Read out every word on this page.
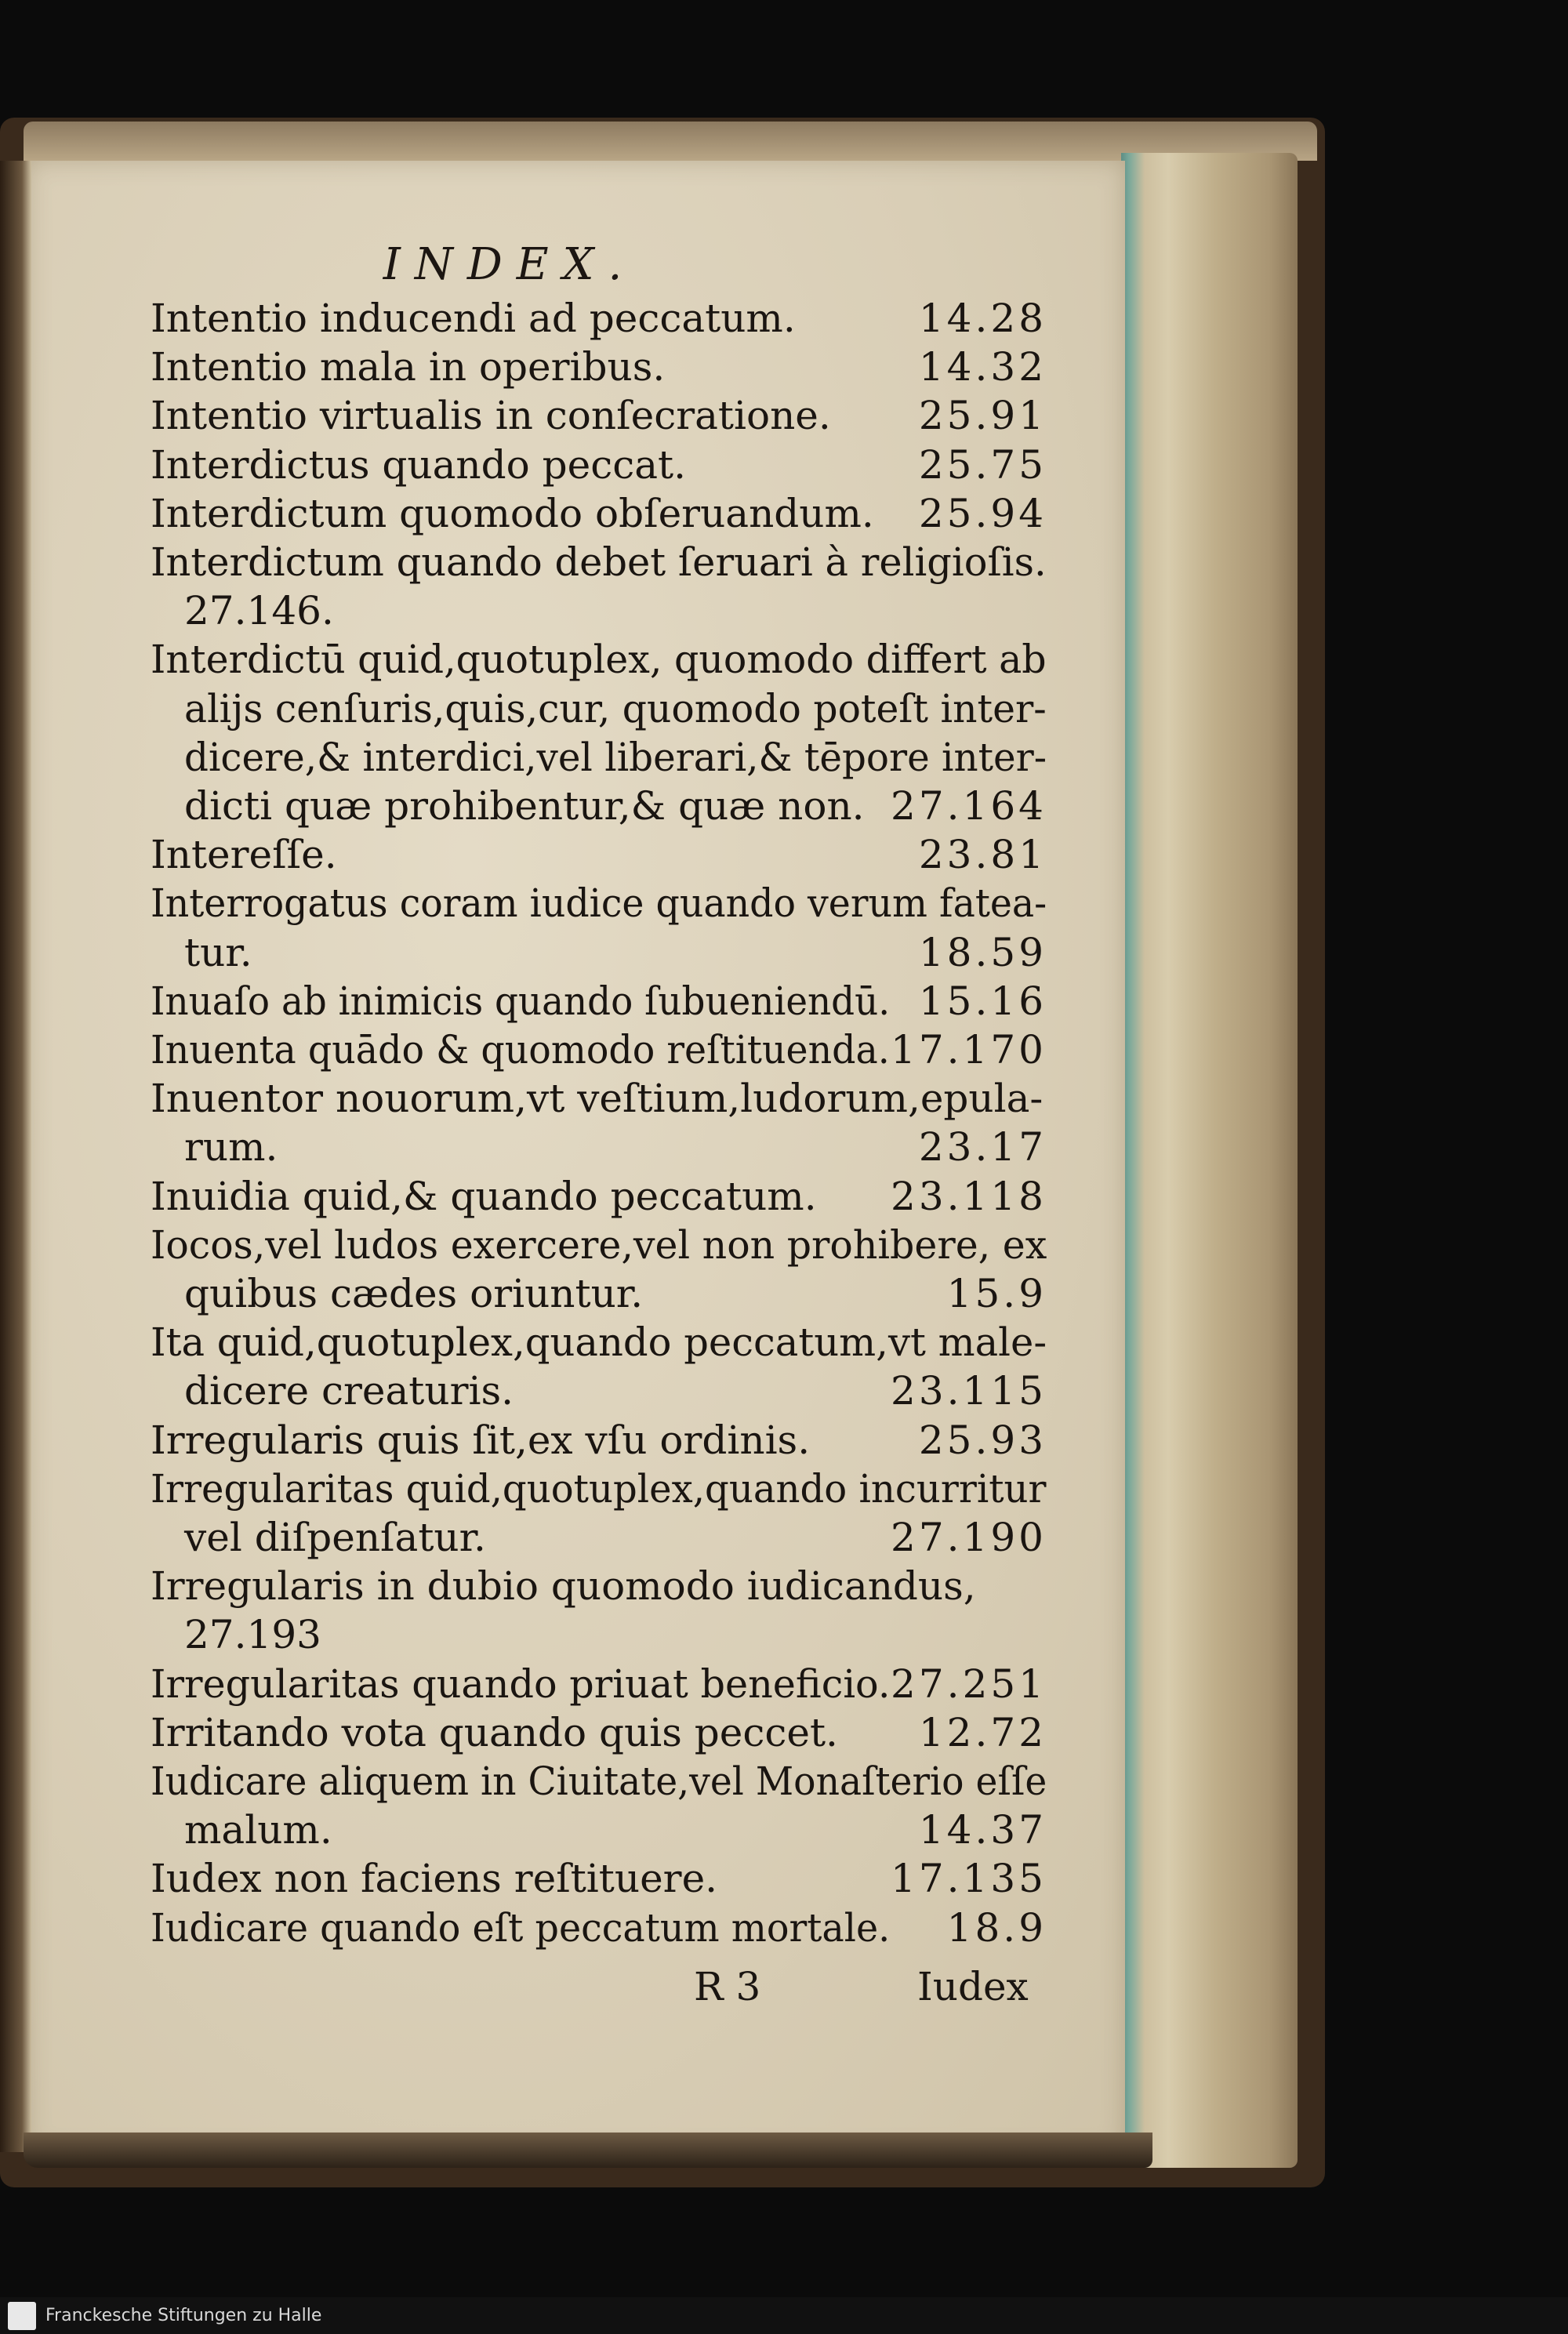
INDEX.
Intentio inducendi ad peccatum.	14.28
Intentio mala in operibus.	14.32
Intentio virtualis in conſecratione. 25.91
Interdictus quando peccat.	25.75
Interdictum quomodo obſeruandum. 25.94
Interdictum quando debet ſeruari à religioſis.
27.146.
Interdictū quid,quotuplex, quomodo differt ab
alijs cenſuris,quis,cur, quomodo poteſt inter-
dicere,& interdici,vel liberari,& tēpore inter-
dicti quæ prohibentur,& quæ non. 27.164
Intereſſe.	23.81
Interrogatus coram iudice quando verum fatea-
tur.	18.59
Inuaſo ab inimicis quando ſubueniendū. 15.16
Inuenta quādo & quomodo reſtituenda. 17.170
Inuentor nouorum,vt veſtium,ludorum,epula-
rum.	23.17
Inuidia quid,& quando peccatum. 23.118
Iocos,vel ludos exercere,vel non prohibere, ex
quibus cædes oriuntur.	15.9
Ita quid,quotuplex,quando peccatum,vt male-
dicere creaturis.	23.115
Irregularis quis ſit,ex vſu ordinis.	25.93
Irregularitas quid,quotuplex,quando incurritur
vel diſpenſatur.	27.190
Irregularis in dubio quomodo iudicandus,
27.193
Irregularitas quando priuat beneficio. 27.251
Irritando vota quando quis peccet. 12.72
Iudicare aliquem in Ciuitate,vel Monaſterio eſſe
malum.	14.37
Iudex non faciens reſtituere.	17.135
Iudicare quando eſt peccatum mortale. 18.9
R 3	Iudex
Franckesche Stiftungen zu Halle
